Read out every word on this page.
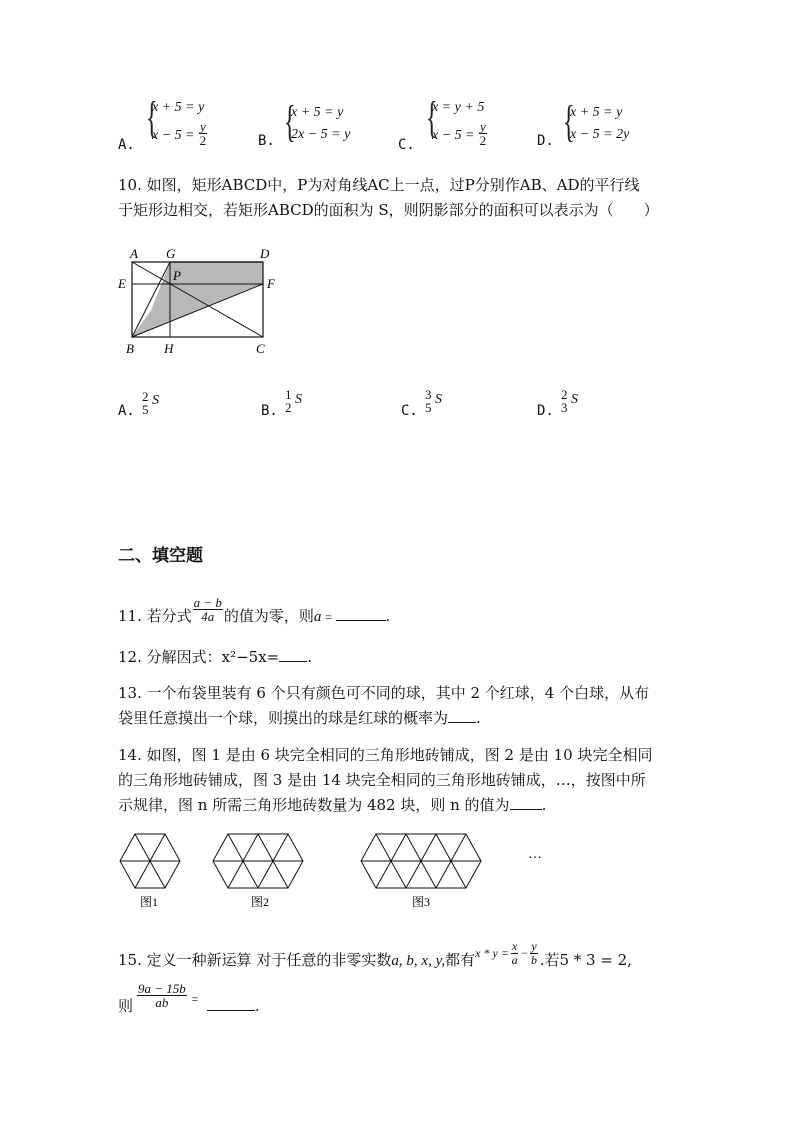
A.
{
x + 5 = y
$x - 5 = \frac{y}{2}$	B. {
x + 5 = y
2x − 5 = y
C.
{
x = y + 5
$x - 5 = \frac{y}{2}$	D. {
x + 5 = y
x − 5 = 2y
10. 如图，矩形ABCD中，P为对角线AC上一点，过P分别作AB、AD的平行线
于矩形边相交，若矩形ABCD的面积为 S，则阴影部分的面积可以表示为（　　）
A G	D
E
P
F
B H	C
A.
2
5
S
B.
1
2
S
C.
3
5
S
D.
2
3
S
二、填空题
11. 若分式 $\frac{a - b}{4a}$ 的值为零，则a =	.
12. 分解因式：x²−5x= .
13. 一个布袋里装有 6 个只有颜色可不同的球，其中 2 个红球，4 个白球，从布
袋里任意摸出一个球，则摸出的球是红球的概率为 .
14. 如图，图 1 是由 6 块完全相同的三角形地砖铺成，图 2 是由 10 块完全相同
的三角形地砖铺成，图 3 是由 14 块完全相同的三角形地砖铺成，…，按图中所
示规律，图 n 所需三角形地砖数量为 482 块，则 n 的值为 .
…
图1	图2	图3
15. 定义一种新运算 对于任意的非零实数a, b, x, y,都有$^{x * y =} \frac{x}{a} ^- \frac{y}{b}$ .若5 * 3 = 2,
则 $\frac{9a - 15b}{ab} ^=$	.
